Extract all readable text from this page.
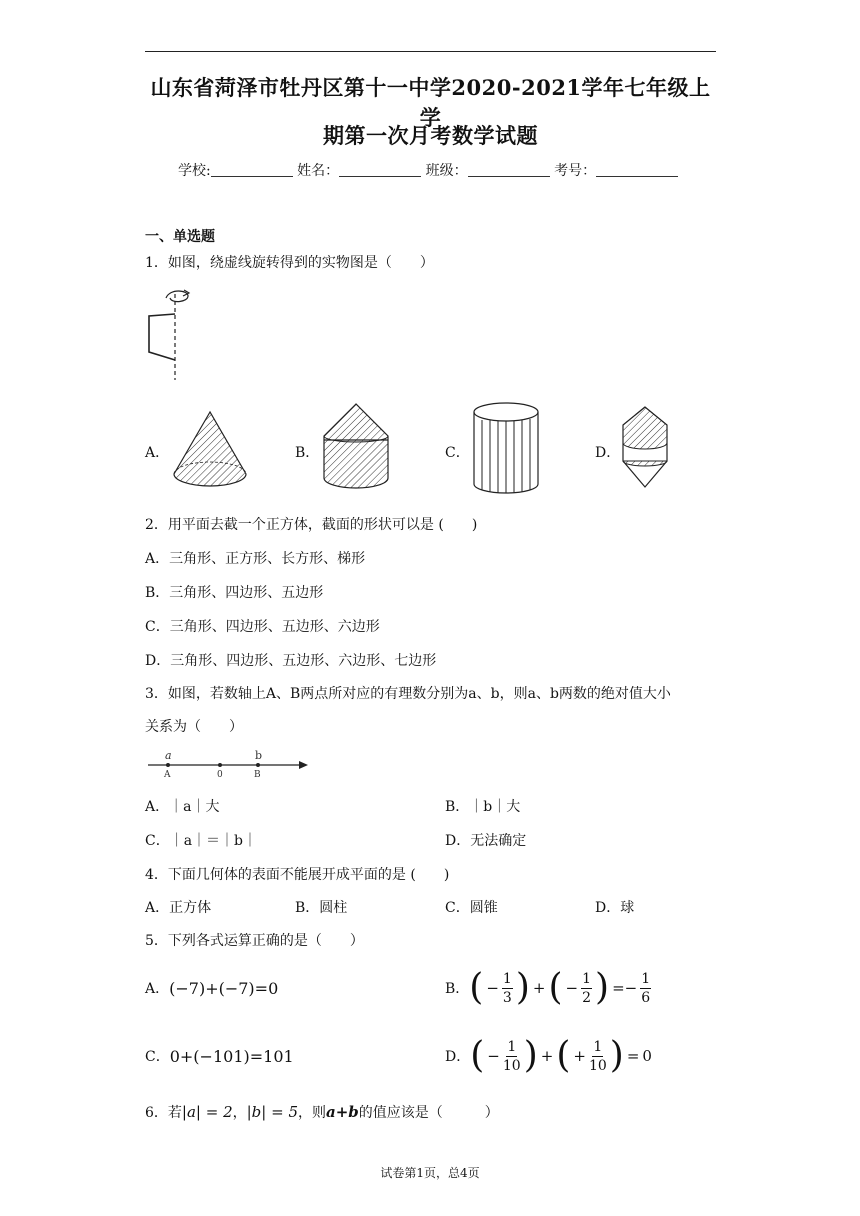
山东省菏泽市牡丹区第十一中学2020-2021学年七年级上学
期第一次月考数学试题
学校:	姓名：	班级：	考号：
一、单选题
1．如图，绕虚线旋转得到的实物图是（　　）
A．	B．	C．	D．
2．用平面去截一个正方体，截面的形状可以是 (　　)
A．三角形、正方形、长方形、梯形
B．三角形、四边形、五边形
C．三角形、四边形、五边形、六边形
D．三角形、四边形、五边形、六边形、七边形
3．如图，若数轴上A、B两点所对应的有理数分别为a、b，则a、b两数的绝对值大小
关系为（　　）
a	b
A	0	B
A．｜a｜大	B．｜b｜大
C．｜a｜＝｜b｜	D．无法确定
4．下面几何体的表面不能展开成平面的是 (　　)
A．正方体	B．圆柱	C．圆锥	D．球
5．下列各式运算正确的是（　　）
A． (−7)+(−7)=0	B． ( − $\frac{1}{3}$ ) + ( − $\frac{1}{2}$ ) =− $\frac{1}{6}$
C． 0+(−101)=101	D． ( − $\frac{1}{10}$ ) + ( + $\frac{1}{10}$ ) = 0
6．若 |a| = 2 ， |b| = 5 ，则 a+b 的值应该是（　　　）
试卷第1页，总4页
